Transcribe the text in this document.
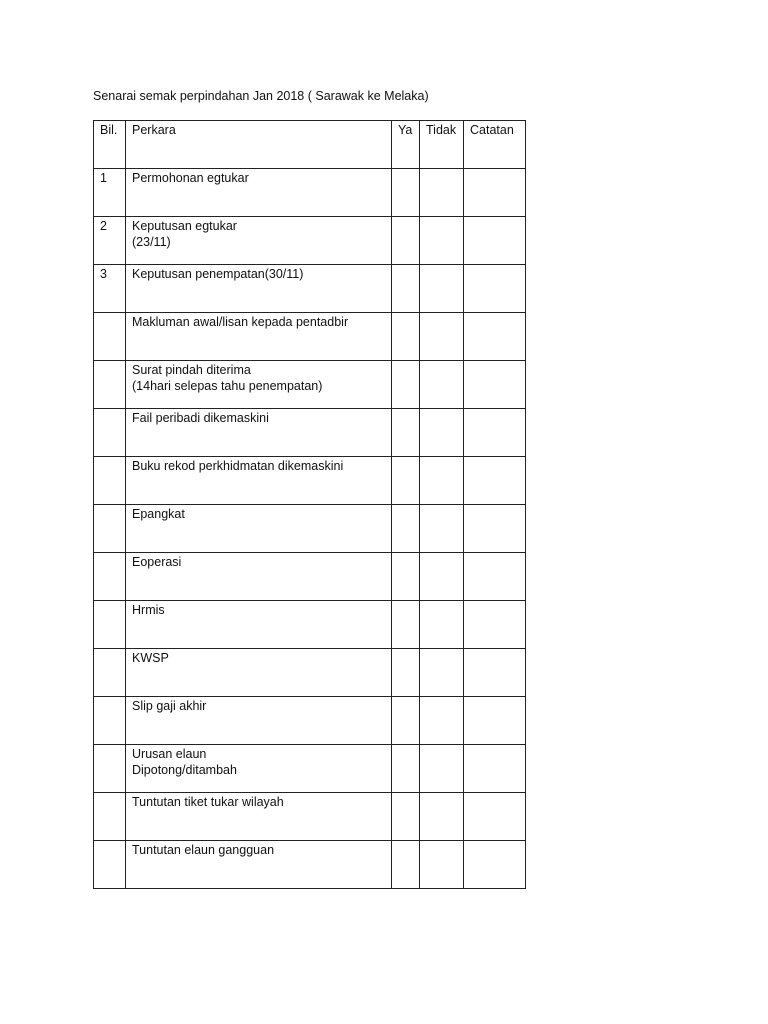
Senarai semak perpindahan Jan 2018 ( Sarawak ke Melaka)
Bil.	Perkara	Ya	Tidak	Catatan
1	Permohonan egtukar			

2	Keputusan egtukar
(23/11)			

3	Keputusan penempatan(30/11)			

	Makluman awal/lisan kepada pentadbir			

	Surat pindah diterima
(14hari selepas tahu penempatan)			

	Fail peribadi dikemaskini			

	Buku rekod perkhidmatan dikemaskini			

	Epangkat			

	Eoperasi			

	Hrmis			

	KWSP			

	Slip gaji akhir			

	Urusan elaun
Dipotong/ditambah			

	Tuntutan tiket tukar wilayah			

	Tuntutan elaun gangguan			
